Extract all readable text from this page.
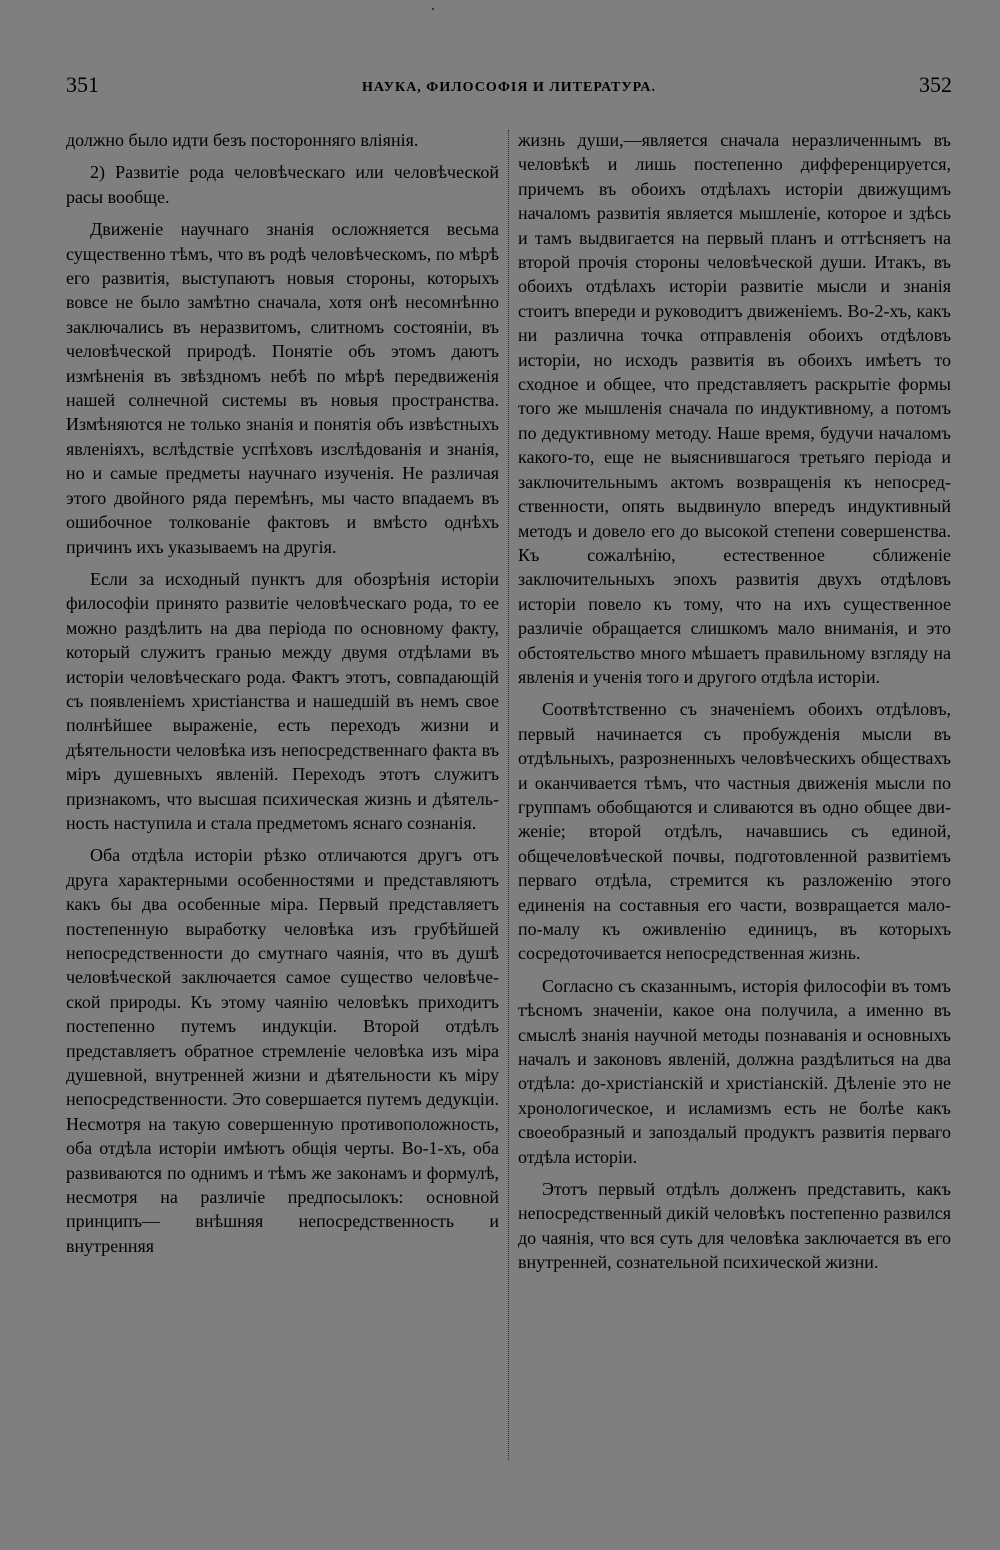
351	НАУКА, ФИЛОСОФІЯ И ЛИТЕРАТУРА.	352

должно было идти безъ посторонняго вліянія.

2) Развитіе рода человѣческаго или человѣческой расы вообще.

Движеніе научнаго знанія осложняется весьма существенно тѣмъ, что въ родѣ человѣческомъ, по мѣрѣ его развитія, выступаютъ новыя стороны, которыхъ вовсе не было замѣтно сначала, хотя онѣ несомнѣнно заключались въ неразвитомъ, слитномъ состояніи, въ человѣческой природѣ. Понятіе объ этомъ даютъ измѣненія въ звѣздномъ небѣ по мѣрѣ передвиженія нашей солнечной системы въ новыя пространства. Измѣняются не только знанія и понятія объ извѣстныхъ явленіяхъ, вслѣдствіе успѣховъ изслѣдованія и знанія, но и самые предметы научнаго изученія. Не различая этого двойного ряда перемѣнъ, мы часто впадаемъ въ ошибочное толкованіе фактовъ и вмѣсто однѣхъ причинъ ихъ указываемъ на другія.

Если за исходный пунктъ для обозрѣнія исторіи философіи принято развитіе человѣческаго рода, то ее можно раздѣлить на два періода по основному факту, который служитъ гранью между двумя отдѣлами въ исторіи человѣческаго рода. Фактъ этотъ, совпадающій съ появленіемъ христіанства и нашедшій въ немъ свое полнѣйшее выраженіе, есть переходъ жизни и дѣятельности человѣка изъ непосредственнаго факта въ міръ душевныхъ явленій. Переходъ этотъ служитъ признакомъ, что высшая психическая жизнь и дѣятельность наступила и стала предметомъ яснаго сознанія.

Оба отдѣла исторіи рѣзко отличаются другъ отъ друга характерными особенностями и представляютъ какъ бы два особенные міра. Первый представляетъ постепенную выработку человѣка изъ грубѣйшей непосредственности до смутнаго чаянія, что въ душѣ человѣческой заключается самое существо человѣческой природы. Къ этому чаянію человѣкъ приходитъ постепенно путемъ индукціи. Второй отдѣлъ представляетъ обратное стремленіе человѣка изъ міра душевной, внутренней жизни и дѣятельности къ міру непосредственности. Это совершается путемъ дедукціи. Несмотря на такую совершенную противоположность, оба отдѣла исторіи имѣютъ общія черты. Во-1-хъ, оба развиваются по однимъ и тѣмъ же законамъ и формулѣ, несмотря на различіе предпосылокъ: основной принципъ— внѣшняя непосредственность и внутренняя

жизнь души,—является сначала неразличеннымъ въ человѣкѣ и лишь постепенно дифференцируется, причемъ въ обоихъ отдѣлахъ исторіи движущимъ началомъ развитія является мышленіе, которое и здѣсь и тамъ выдвигается на первый планъ и оттѣсняетъ на второй прочія стороны человѣческой души. Итакъ, въ обоихъ отдѣлахъ исторіи развитіе мысли и знанія стоитъ впереди и руководитъ движеніемъ. Во-2-хъ, какъ ни различна точка отправленія обоихъ отдѣловъ исторіи, но исходъ развитія въ обоихъ имѣетъ то сходное и общее, что представляетъ раскрытіе формы того же мышленія сначала по индуктивному, а потомъ по дедуктивному методу. Наше время, будучи началомъ какого-то, еще не выяснившагося третьяго періода и заключительнымъ актомъ возвращенія къ непосредственности, опять выдвинуло впередъ индуктивный методъ и довело его до высокой степени совершенства. Къ сожалѣнію, естественное сближеніе заключительныхъ эпохъ развитія двухъ отдѣловъ исторіи повело къ тому, что на ихъ существенное различіе обращается слишкомъ мало вниманія, и это обстоятельство много мѣшаетъ правильному взгляду на явленія и ученія того и другого отдѣла исторіи.

Соотвѣтственно съ значеніемъ обоихъ отдѣловъ, первый начинается съ пробужденія мысли въ отдѣльныхъ, разрозненныхъ человѣческихъ обществахъ и оканчивается тѣмъ, что частныя движенія мысли по группамъ обобщаются и сливаются въ одно общее движеніе; второй отдѣлъ, начавшись съ единой, общечеловѣческой почвы, подготовленной развитіемъ перваго отдѣла, стремится къ разложенію этого единенія на составныя его части, возвращается мало-по-малу къ оживленію единицъ, въ которыхъ сосредоточивается непосредственная жизнь.

Согласно съ сказаннымъ, исторія философіи въ томъ тѣсномъ значеніи, какое она получила, а именно въ смыслѣ знанія научной методы познаванія и основныхъ началъ и законовъ явленій, должна раздѣлиться на два отдѣла: до-христіанскій и христіанскій. Дѣленіе это не хронологическое, и исламизмъ есть не болѣе какъ своеобразный и запоздалый продуктъ развитія перваго отдѣла исторіи.

Этотъ первый отдѣлъ долженъ представить, какъ непосредственный дикій человѣкъ постепенно развился до чаянія, что вся суть для человѣка заключается въ его внутренней, сознательной психической жизни.
